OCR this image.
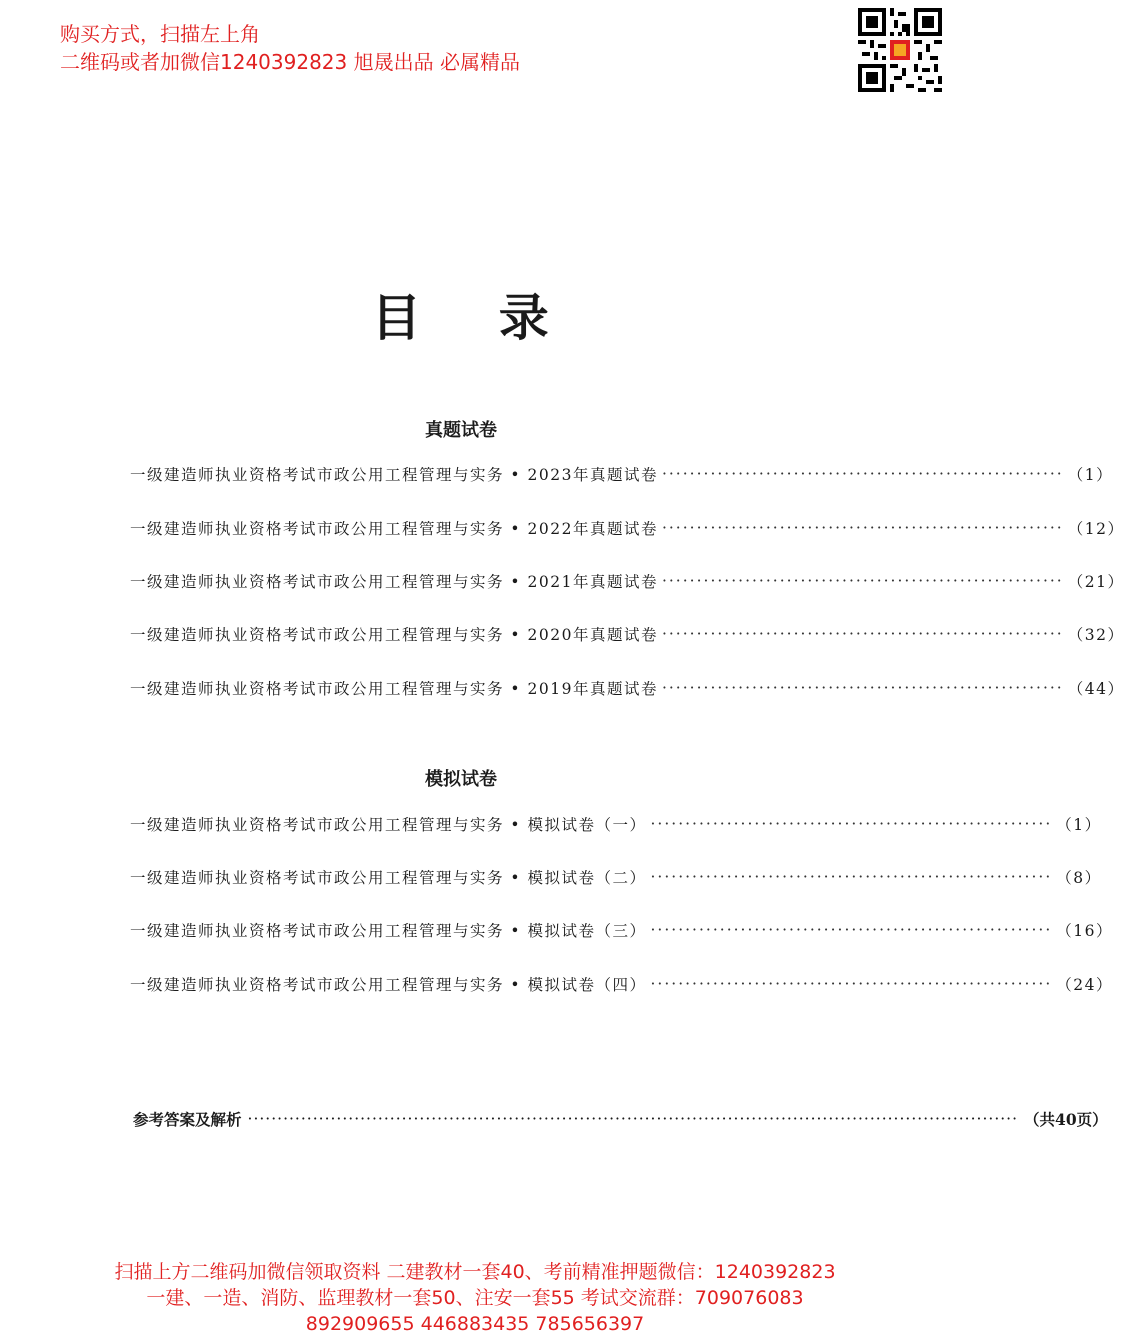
购买方式，扫描左上角
二维码或者加微信1240392823 旭晟出品 必属精品
目 录
真题试卷
一级建造师执业资格考试市政公用工程管理与实务 • 2023年真题试卷 ·························································· （1）
一级建造师执业资格考试市政公用工程管理与实务 • 2022年真题试卷 ·························································· （12）
一级建造师执业资格考试市政公用工程管理与实务 • 2021年真题试卷 ·························································· （21）
一级建造师执业资格考试市政公用工程管理与实务 • 2020年真题试卷 ·························································· （32）
一级建造师执业资格考试市政公用工程管理与实务 • 2019年真题试卷 ·························································· （44）
模拟试卷
一级建造师执业资格考试市政公用工程管理与实务 • 模拟试卷（一） ·························································· （1）
一级建造师执业资格考试市政公用工程管理与实务 • 模拟试卷（二） ·························································· （8）
一级建造师执业资格考试市政公用工程管理与实务 • 模拟试卷（三） ·························································· （16）
一级建造师执业资格考试市政公用工程管理与实务 • 模拟试卷（四） ·························································· （24）
参考答案及解析 ·································································································································· （共40页）
扫描上方二维码加微信领取资料 二建教材一套40、考前精准押题微信：1240392823
一建、一造、消防、监理教材一套50、注安一套55 考试交流群：709076083
892909655 446883435 785656397
